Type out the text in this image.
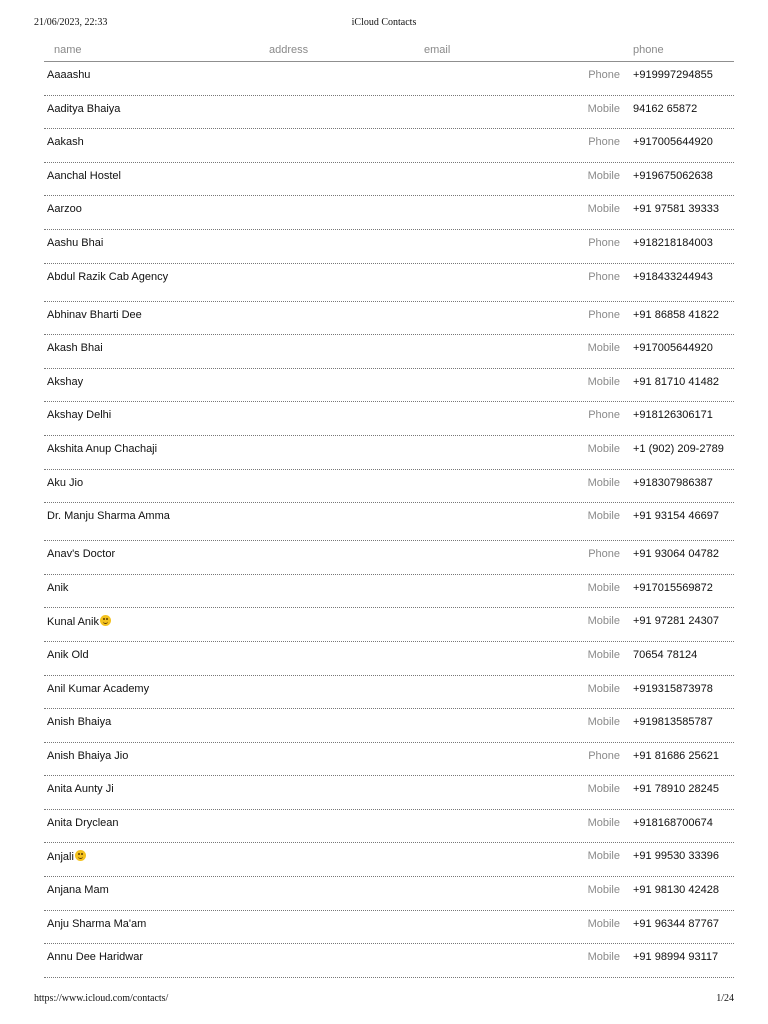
21/06/2023, 22:33	iCloud Contacts
name	address	email	phone
Aaaashu	Phone +919997294855
Aaditya Bhaiya	Mobile 94162 65872
Aakash	Phone +917005644920
Aanchal Hostel	Mobile +919675062638
Aarzoo	Mobile +91 97581 39333
Aashu Bhai	Phone +918218184003
Abdul Razik Cab Agency	Phone +918433244943
Abhinav Bharti Dee	Phone +91 86858 41822
Akash Bhai	Mobile +917005644920
Akshay	Mobile +91 81710 41482
Akshay Delhi	Phone +918126306171
Akshita Anup Chachaji	Mobile +1 (902) 209-2789
Aku Jio	Mobile +918307986387
Dr. Manju Sharma Amma	Mobile +91 93154 46697
Anav's Doctor	Phone +91 93064 04782
Anik	Mobile +917015569872
Kunal Anik	Mobile +91 97281 24307
Anik Old	Mobile 70654 78124
Anil Kumar Academy	Mobile +919315873978
Anish Bhaiya	Mobile +919813585787
Anish Bhaiya Jio	Phone +91 81686 25621
Anita Aunty Ji	Mobile +91 78910 28245
Anita Dryclean	Mobile +918168700674
Anjali	Mobile +91 99530 33396
Anjana Mam	Mobile +91 98130 42428
Anju Sharma Ma'am	Mobile +91 96344 87767
Annu Dee Haridwar	Mobile +91 98994 93117
https://www.icloud.com/contacts/	1/24
